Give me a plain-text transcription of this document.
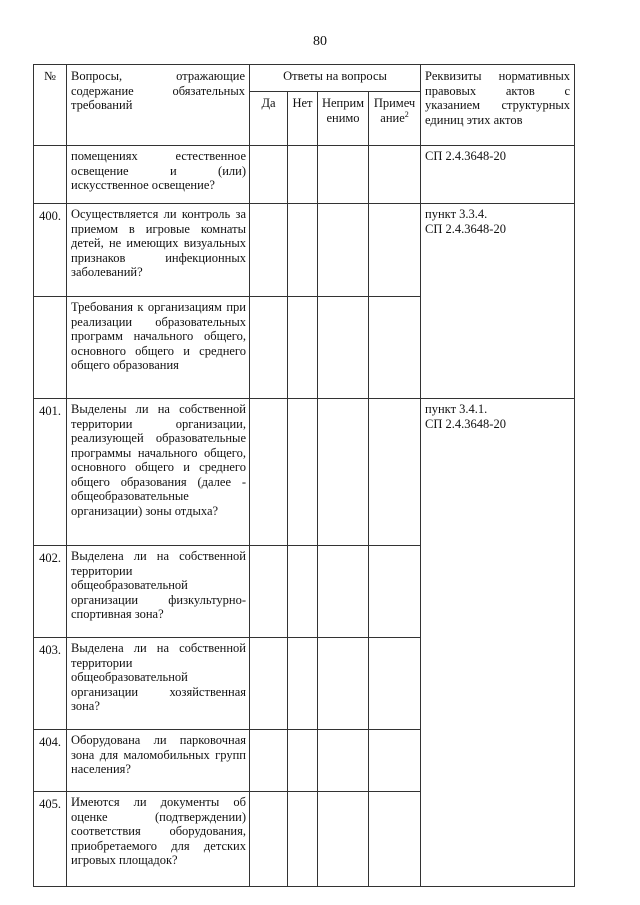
80
№	Вопросы, отражающие содержание обязательных требований	Ответы на вопросы				Реквизиты нормативных правовых актов с указанием структурных единиц этих актов
		Да	Нет	Неприм енимо	Примеч ание$^2$
	помещениях естественное освещение и (или) искусственное освещение?					СП 2.4.3648-20

400.	Осуществляется ли контроль за приемом в игровые комнаты детей, не имеющих визуальных признаков инфекционных заболеваний?					пункт 3.3.4.
СП 2.4.3648-20

	Требования к организациям при реализации образовательных программ начального общего, основного общего и среднего общего образования					
401.	Выделены ли на собственной территории организации, реализующей образовательные программы начального общего, основного общего и среднего общего образования (далее - общеобразовательные организации) зоны отдыха?					пункт 3.4.1.
СП 2.4.3648-20

402.	Выделена ли на собственной территории общеобразовательной организации физкультурно-спортивная зона?					
403.	Выделена ли на собственной территории общеобразовательной организации хозяйственная зона?					
404.	Оборудована ли парковочная зона для маломобильных групп населения?					
405.	Имеются ли документы об оценке (подтверждении) соответствия оборудования, приобретаемого для детских игровых площадок?					
